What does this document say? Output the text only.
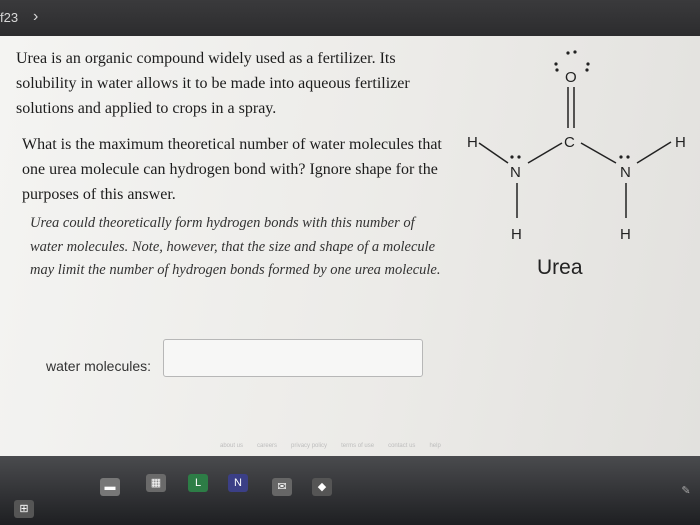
f23 ›
Urea is an organic compound widely used as a fertilizer. Its solubility in water allows it to be made into aqueous fertilizer solutions and applied to crops in a spray.
What is the maximum theoretical number of water molecules that one urea molecule can hydrogen bond with? Ignore shape for the purposes of this answer.
Urea could theoretically form hydrogen bonds with this number of water molecules. Note, however, that the size and shape of a molecule may limit the number of hydrogen bonds formed by one urea molecule.
water molecules:
O
C
N	N
H	H
H	H
Urea
about us careers privacy policy terms of use contact us help
⊞
▬	▦	L	N	✉	◆	✎
